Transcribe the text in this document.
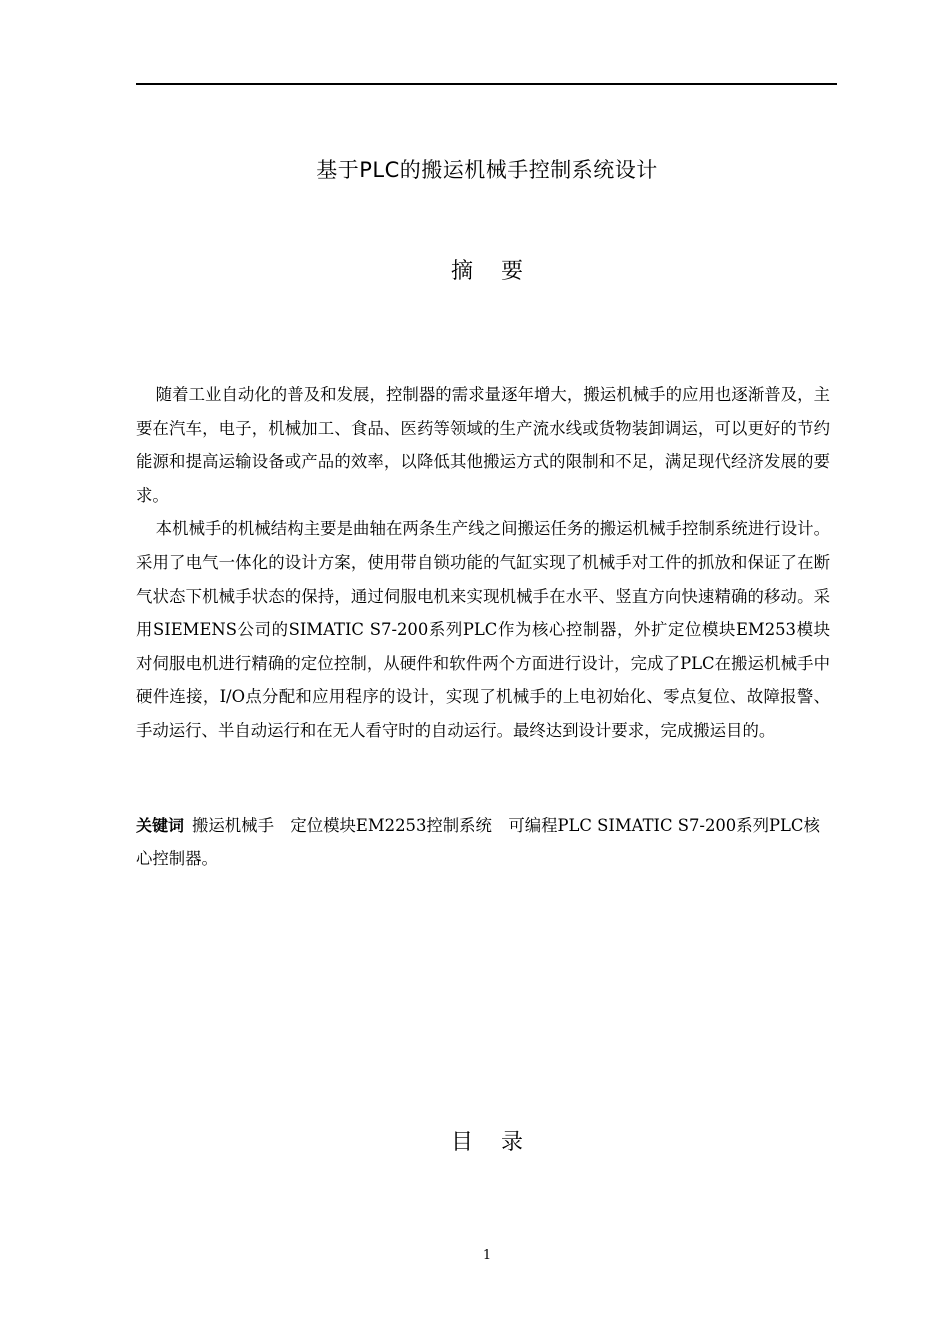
基于PLC的搬运机械手控制系统设计
摘    要

随着工业自动化的普及和发展，控制器的需求量逐年增大，搬运机械手的应用也逐渐普及，主要在汽车，电子，机械加工、食品、医药等领域的生产流水线或货物装卸调运，可以更好的节约能源和提高运输设备或产品的效率，以降低其他搬运方式的限制和不足，满足现代经济发展的要求。

本机械手的机械结构主要是曲轴在两条生产线之间搬运任务的搬运机械手控制系统进行设计。采用了电气一体化的设计方案，使用带自锁功能的气缸实现了机械手对工件的抓放和保证了在断气状态下机械手状态的保持，通过伺服电机来实现机械手在水平、竖直方向快速精确的移动。采用SIEMENS公司的SIMATIC S7-200系列PLC作为核心控制器，外扩定位模块EM253模块对伺服电机进行精确的定位控制，从硬件和软件两个方面进行设计，完成了PLC在搬运机械手中硬件连接，I/O点分配和应用程序的设计，实现了机械手的上电初始化、零点复位、故障报警、手动运行、半自动运行和在无人看守时的自动运行。最终达到设计要求，完成搬运目的。

关键词 搬运机械手　定位模块EM2253控制系统　可编程PLC SIMATIC S7-200系列PLC核心控制器。
目    录
1
